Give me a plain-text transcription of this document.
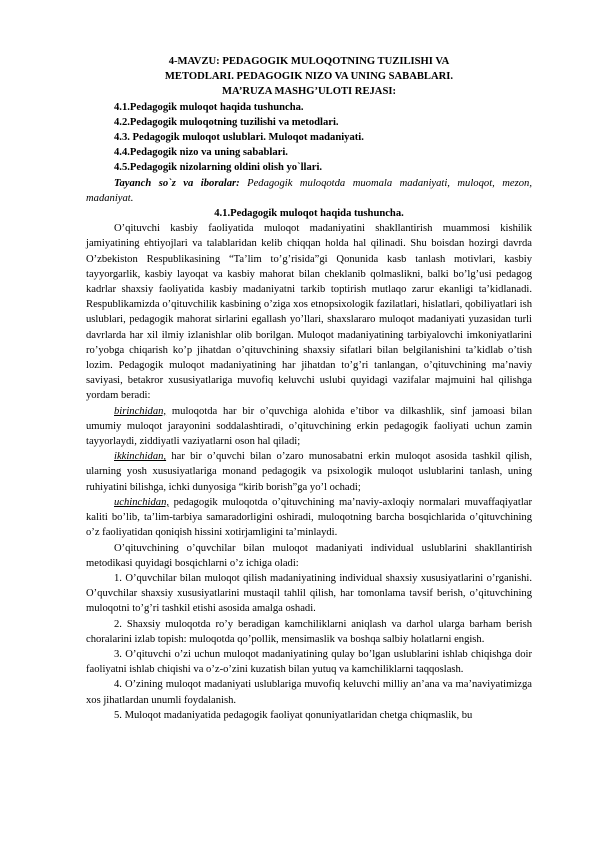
4-MAVZU: PEDAGOGIK MULOQOTNING TUZILISHI VA

METODLARI. PEDAGOGIK NIZO VA UNING SABABLARI.

MA’RUZA MASHG’ULOTI REJASI:

4.1.Pedagogik muloqot haqida tushuncha.

4.2.Pedagogik muloqotning tuzilishi va metodlari.

4.3. Pedagogik muloqot uslublari. Muloqot madaniyati.

4.4.Pedagogik nizo va uning sabablari.

4.5.Pedagogik nizolarning oldini olish yo`llari.

Tayanch so`z va iboralar: Pedagogik muloqotda muomala madaniyati, muloqot, mezon, madaniyat.

4.1.Pedagogik muloqot haqida tushuncha.

O’qituvchi kasbiy faoliyatida muloqot madaniyatini shakllantirish muammosi kishilik jamiyatining ehtiyojlari va talablaridan kelib chiqqan holda hal qilinadi. Shu boisdan hozirgi davrda O’zbekiston Respublikasining “Ta’lim to’g’risida”gi Qonunida kasb tanlash motivlari, kasbiy tayyorgarlik, kasbiy layoqat va kasbiy mahorat bilan cheklanib qolmaslikni, balki bo’lg’usi pedagog kadrlar shaxsiy faoliyatida kasbiy madaniyatni tarkib toptirish mutlaqo zarur ekanligi ta’kidlanadi. Respublikamizda o’qituvchilik kasbining o’ziga xos etnopsixologik fazilatlari, hislatlari, qobiliyatlari ish uslublari, pedagogik mahorat sirlarini egallash yo’llari, shaxslararo muloqot madaniyati yuzasidan turli davrlarda har xil ilmiy izlanishlar olib borilgan. Muloqot madaniyatining tarbiyalovchi imkoniyatlarini ro’yobga chiqarish ko’p jihatdan o’qituvchining shaxsiy sifatlari bilan belgilanishini ta’kidlab o’tish lozim. Pedagogik muloqot madaniyatining har jihatdan to’g’ri tanlangan, o’qituvchining ma’naviy saviyasi, betakror xususiyatlariga muvofiq keluvchi uslubi quyidagi vazifalar majmuini hal qilishga yordam beradi:

birinchidan, muloqotda har bir o’quvchiga alohida e’tibor va dilkashlik, sinf jamoasi bilan umumiy muloqot jarayonini soddalashtiradi, o’qituvchining erkin pedagogik faoliyati uchun zamin tayyorlaydi, ziddiyatli vaziyatlarni oson hal qiladi;

ikkinchidan, har bir o’quvchi bilan o’zaro munosabatni erkin muloqot asosida tashkil qilish, ularning yosh xususiyatlariga monand pedagogik va psixologik muloqot uslublarini tanlash, uning ruhiyatini bilishga, ichki dunyosiga “kirib borish”ga yo’l ochadi;

uchinchidan, pedagogik muloqotda o’qituvchining ma’naviy-axloqiy normalari muvaffaqiyatlar kaliti bo’lib, ta’lim-tarbiya samaradorligini oshiradi, muloqotning barcha bosqichlarida o’qituvchining o’z faoliyatidan qoniqish hissini xotirjamligini ta’minlaydi.

O’qituvchining o’quvchilar bilan muloqot madaniyati individual uslublarini shakllantirish metodikasi quyidagi bosqichlarni o’z ichiga oladi:

1. O’quvchilar bilan muloqot qilish madaniyatining individual shaxsiy xususiyatlarini o’rganishi. O’quvchilar shaxsiy xususiyatlarini mustaqil tahlil qilish, har tomonlama tavsif berish, o’qituvchining muloqotni to’g’ri tashkil etishi asosida amalga oshadi.

2. Shaxsiy muloqotda ro’y beradigan kamchiliklarni aniqlash va darhol ularga barham berish choralarini izlab topish: muloqotda qo’pollik, mensimaslik va boshqa salbiy holatlarni engish.

3. O’qituvchi o’zi uchun muloqot madaniyatining qulay bo’lgan uslublarini ishlab chiqishga doir faoliyatni ishlab chiqishi va o’z-o’zini kuzatish bilan yutuq va kamchiliklarni taqqoslash.

4. O’zining muloqot madaniyati uslublariga muvofiq keluvchi milliy an’ana va ma’naviyatimizga xos jihatlardan unumli foydalanish.

5. Muloqot madaniyatida pedagogik faoliyat qonuniyatlaridan chetga chiqmaslik, bu
